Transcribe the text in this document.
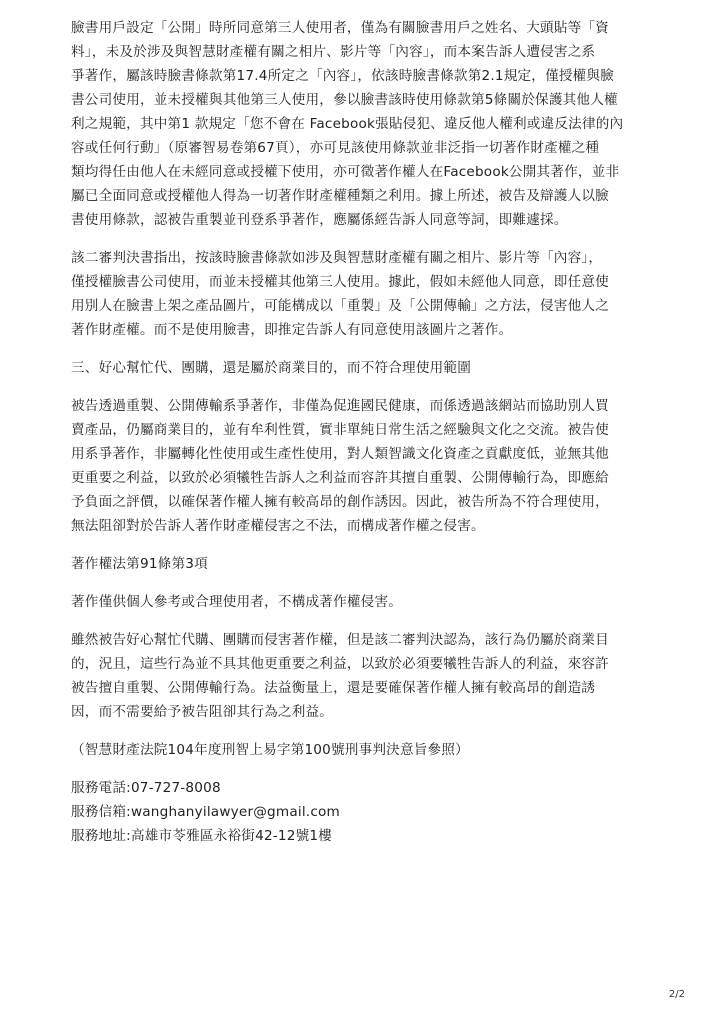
臉書用戶設定「公開」時所同意第三人使用者，僅為有關臉書用戶之姓名、大頭貼等「資
料」，未及於涉及與智慧財產權有關之相片、影片等「內容」，而本案告訴人遭侵害之系
爭著作，屬該時臉書條款第17.4所定之「內容」，依該時臉書條款第2.1規定，僅授權與臉
書公司使用，並未授權與其他第三人使用，參以臉書該時使用條款第5條關於保護其他人權
利之規範，其中第1 款規定「您不會在 Facebook張貼侵犯、違反他人權利或違反法律的內
容或任何行動」（原審智易卷第67頁），亦可見該使用條款並非泛指一切著作財產權之種
類均得任由他人在未經同意或授權下使用，亦可徵著作權人在Facebook公開其著作，並非
屬已全面同意或授權他人得為一切著作財產權種類之利用。據上所述，被告及辯護人以臉
書使用條款，認被告重製並刊登系爭著作，應屬係經告訴人同意等詞，即難遽採。

該二審判決書指出，按該時臉書條款如涉及與智慧財產權有關之相片、影片等「內容」，
僅授權臉書公司使用，而並未授權其他第三人使用。據此，假如未經他人同意，即任意使
用別人在臉書上架之產品圖片，可能構成以「重製」及「公開傳輸」之方法，侵害他人之
著作財產權。而不是使用臉書，即推定告訴人有同意使用該圖片之著作。

三、好心幫忙代、團購，還是屬於商業目的，而不符合理使用範圍

被告透過重製、公開傳輸系爭著作，非僅為促進國民健康，而係透過該網站而協助別人買
賣產品，仍屬商業目的，並有牟利性質，實非單純日常生活之經驗與文化之交流。被告使
用系爭著作，非屬轉化性使用或生產性使用，對人類智識文化資產之貢獻度低，並無其他
更重要之利益，以致於必須犧牲告訴人之利益而容許其擅自重製、公開傳輸行為，即應給
予負面之評價，以確保著作權人擁有較高昂的創作誘因。因此，被告所為不符合理使用，
無法阻卻對於告訴人著作財產權侵害之不法，而構成著作權之侵害。

著作權法第91條第3項

著作僅供個人參考或合理使用者，不構成著作權侵害。

雖然被告好心幫忙代購、團購而侵害著作權，但是該二審判決認為，該行為仍屬於商業目
的，況且，這些行為並不具其他更重要之利益，以致於必須要犧牲告訴人的利益，來容許
被告擅自重製、公開傳輸行為。法益衡量上，還是要確保著作權人擁有較高昂的創造誘
因，而不需要給予被告阻卻其行為之利益。

（智慧財產法院104年度刑智上易字第100號刑事判決意旨參照）

服務電話:07-727-8008
服務信箱:wanghanyilawyer@gmail.com
服務地址:高雄市苓雅區永裕街42-12號1樓
2/2
